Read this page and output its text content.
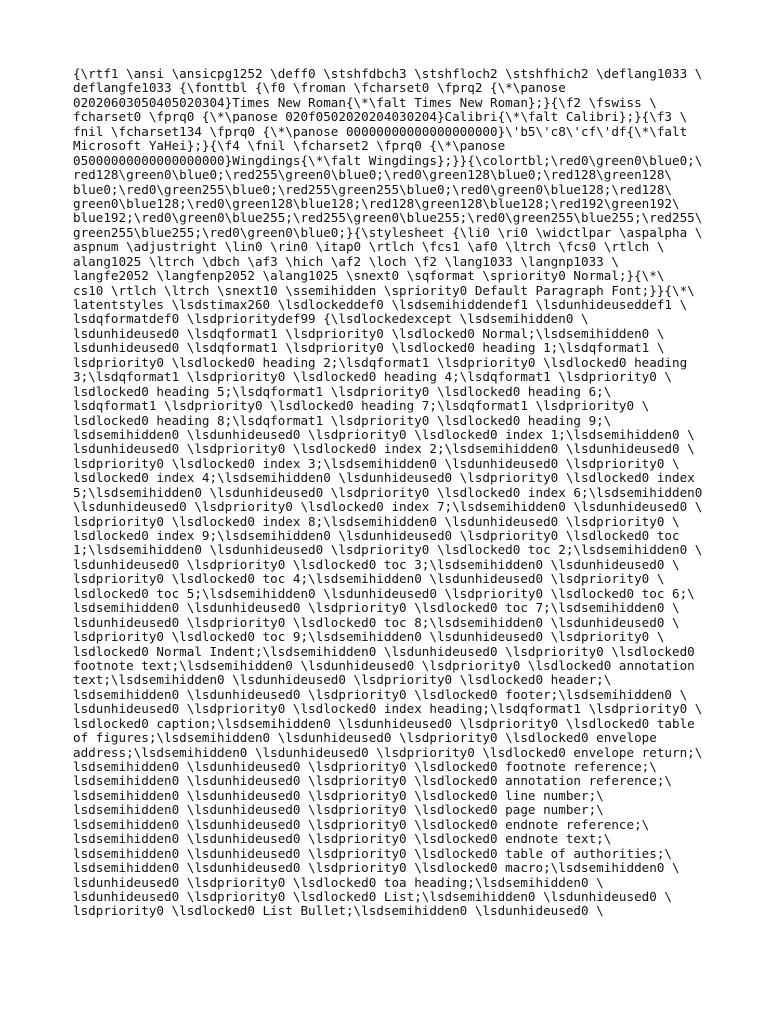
{\rtf1 \ansi \ansicpg1252 \deff0 \stshfdbch3 \stshfloch2 \stshfhich2 \deflang1033 \
deflangfe1033 {\fonttbl {\f0 \froman \fcharset0 \fprq2 {\*\panose
02020603050405020304}Times New Roman{\*\falt Times New Roman};}{\f2 \fswiss \
fcharset0 \fprq0 {\*\panose 020f0502020204030204}Calibri{\*\falt Calibri};}{\f3 \
fnil \fcharset134 \fprq0 {\*\panose 00000000000000000000}\'b5\'c8\'cf\'df{\*\falt
Microsoft YaHei};}{\f4 \fnil \fcharset2 \fprq0 {\*\panose
05000000000000000000}Wingdings{\*\falt Wingdings};}}{\colortbl;\red0\green0\blue0;\
red128\green0\blue0;\red255\green0\blue0;\red0\green128\blue0;\red128\green128\
blue0;\red0\green255\blue0;\red255\green255\blue0;\red0\green0\blue128;\red128\
green0\blue128;\red0\green128\blue128;\red128\green128\blue128;\red192\green192\
blue192;\red0\green0\blue255;\red255\green0\blue255;\red0\green255\blue255;\red255\
green255\blue255;\red0\green0\blue0;}{\stylesheet {\li0 \ri0 \widctlpar \aspalpha \
aspnum \adjustright \lin0 \rin0 \itap0 \rtlch \fcs1 \af0 \ltrch \fcs0 \rtlch \
alang1025 \ltrch \dbch \af3 \hich \af2 \loch \f2 \lang1033 \langnp1033 \
langfe2052 \langfenp2052 \alang1025 \snext0 \sqformat \spriority0 Normal;}{\*\
cs10 \rtlch \ltrch \snext10 \ssemihidden \spriority0 Default Paragraph Font;}}{\*\
latentstyles \lsdstimax260 \lsdlockeddef0 \lsdsemihiddendef1 \lsdunhideuseddef1 \
lsdqformatdef0 \lsdprioritydef99 {\lsdlockedexcept \lsdsemihidden0 \
lsdunhideused0 \lsdqformat1 \lsdpriority0 \lsdlocked0 Normal;\lsdsemihidden0 \
lsdunhideused0 \lsdqformat1 \lsdpriority0 \lsdlocked0 heading 1;\lsdqformat1 \
lsdpriority0 \lsdlocked0 heading 2;\lsdqformat1 \lsdpriority0 \lsdlocked0 heading
3;\lsdqformat1 \lsdpriority0 \lsdlocked0 heading 4;\lsdqformat1 \lsdpriority0 \
lsdlocked0 heading 5;\lsdqformat1 \lsdpriority0 \lsdlocked0 heading 6;\
lsdqformat1 \lsdpriority0 \lsdlocked0 heading 7;\lsdqformat1 \lsdpriority0 \
lsdlocked0 heading 8;\lsdqformat1 \lsdpriority0 \lsdlocked0 heading 9;\
lsdsemihidden0 \lsdunhideused0 \lsdpriority0 \lsdlocked0 index 1;\lsdsemihidden0 \
lsdunhideused0 \lsdpriority0 \lsdlocked0 index 2;\lsdsemihidden0 \lsdunhideused0 \
lsdpriority0 \lsdlocked0 index 3;\lsdsemihidden0 \lsdunhideused0 \lsdpriority0 \
lsdlocked0 index 4;\lsdsemihidden0 \lsdunhideused0 \lsdpriority0 \lsdlocked0 index
5;\lsdsemihidden0 \lsdunhideused0 \lsdpriority0 \lsdlocked0 index 6;\lsdsemihidden0
\lsdunhideused0 \lsdpriority0 \lsdlocked0 index 7;\lsdsemihidden0 \lsdunhideused0 \
lsdpriority0 \lsdlocked0 index 8;\lsdsemihidden0 \lsdunhideused0 \lsdpriority0 \
lsdlocked0 index 9;\lsdsemihidden0 \lsdunhideused0 \lsdpriority0 \lsdlocked0 toc
1;\lsdsemihidden0 \lsdunhideused0 \lsdpriority0 \lsdlocked0 toc 2;\lsdsemihidden0 \
lsdunhideused0 \lsdpriority0 \lsdlocked0 toc 3;\lsdsemihidden0 \lsdunhideused0 \
lsdpriority0 \lsdlocked0 toc 4;\lsdsemihidden0 \lsdunhideused0 \lsdpriority0 \
lsdlocked0 toc 5;\lsdsemihidden0 \lsdunhideused0 \lsdpriority0 \lsdlocked0 toc 6;\
lsdsemihidden0 \lsdunhideused0 \lsdpriority0 \lsdlocked0 toc 7;\lsdsemihidden0 \
lsdunhideused0 \lsdpriority0 \lsdlocked0 toc 8;\lsdsemihidden0 \lsdunhideused0 \
lsdpriority0 \lsdlocked0 toc 9;\lsdsemihidden0 \lsdunhideused0 \lsdpriority0 \
lsdlocked0 Normal Indent;\lsdsemihidden0 \lsdunhideused0 \lsdpriority0 \lsdlocked0
footnote text;\lsdsemihidden0 \lsdunhideused0 \lsdpriority0 \lsdlocked0 annotation
text;\lsdsemihidden0 \lsdunhideused0 \lsdpriority0 \lsdlocked0 header;\
lsdsemihidden0 \lsdunhideused0 \lsdpriority0 \lsdlocked0 footer;\lsdsemihidden0 \
lsdunhideused0 \lsdpriority0 \lsdlocked0 index heading;\lsdqformat1 \lsdpriority0 \
lsdlocked0 caption;\lsdsemihidden0 \lsdunhideused0 \lsdpriority0 \lsdlocked0 table
of figures;\lsdsemihidden0 \lsdunhideused0 \lsdpriority0 \lsdlocked0 envelope
address;\lsdsemihidden0 \lsdunhideused0 \lsdpriority0 \lsdlocked0 envelope return;\
lsdsemihidden0 \lsdunhideused0 \lsdpriority0 \lsdlocked0 footnote reference;\
lsdsemihidden0 \lsdunhideused0 \lsdpriority0 \lsdlocked0 annotation reference;\
lsdsemihidden0 \lsdunhideused0 \lsdpriority0 \lsdlocked0 line number;\
lsdsemihidden0 \lsdunhideused0 \lsdpriority0 \lsdlocked0 page number;\
lsdsemihidden0 \lsdunhideused0 \lsdpriority0 \lsdlocked0 endnote reference;\
lsdsemihidden0 \lsdunhideused0 \lsdpriority0 \lsdlocked0 endnote text;\
lsdsemihidden0 \lsdunhideused0 \lsdpriority0 \lsdlocked0 table of authorities;\
lsdsemihidden0 \lsdunhideused0 \lsdpriority0 \lsdlocked0 macro;\lsdsemihidden0 \
lsdunhideused0 \lsdpriority0 \lsdlocked0 toa heading;\lsdsemihidden0 \
lsdunhideused0 \lsdpriority0 \lsdlocked0 List;\lsdsemihidden0 \lsdunhideused0 \
lsdpriority0 \lsdlocked0 List Bullet;\lsdsemihidden0 \lsdunhideused0 \
